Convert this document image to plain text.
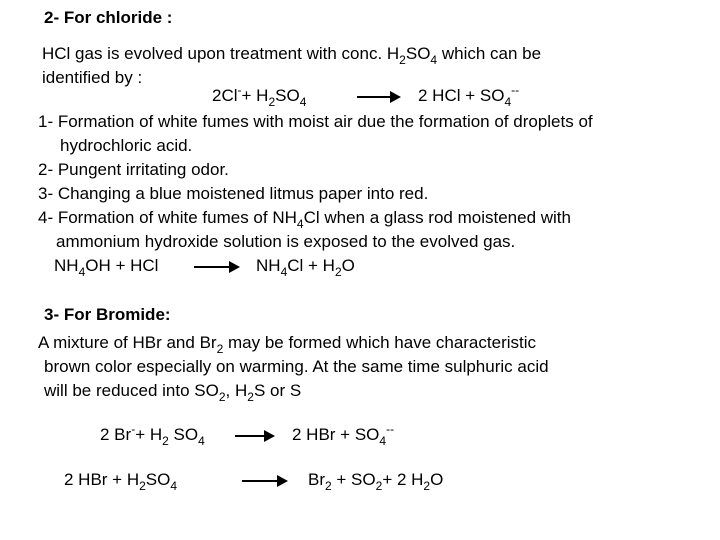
2- For chloride :
HCl gas is evolved upon treatment with conc. $H_2SO_4$ which can be
identified by :
$2Cl^-+ H_2SO_4$	→ 2 HCl + $SO_4^{--}$
1- Formation of white fumes with moist air due the formation of droplets of
hydrochloric acid.
2- Pungent irritating odor.
3- Changing a blue moistened litmus paper into red.
4- Formation of white fumes of $NH_4Cl$ when a glass rod moistened with
ammonium hydroxide solution is exposed to the evolved gas.
$NH_4OH$ + HCl → $NH_4Cl + H_2O$
3- For Bromide:
A mixture of HBr and $Br_2$ may be formed which have characteristic
brown color especially on warming. At the same time sulphuric acid
will be reduced into $SO_2$, $H_2S$ or S
2 $Br^-+ H_2$ $SO_4 \to 2$ HBr + $SO_4^{--}$
2 HBr + $H_2SO_4$	→ $Br_2 + SO_2+ 2$ $H_2O$
